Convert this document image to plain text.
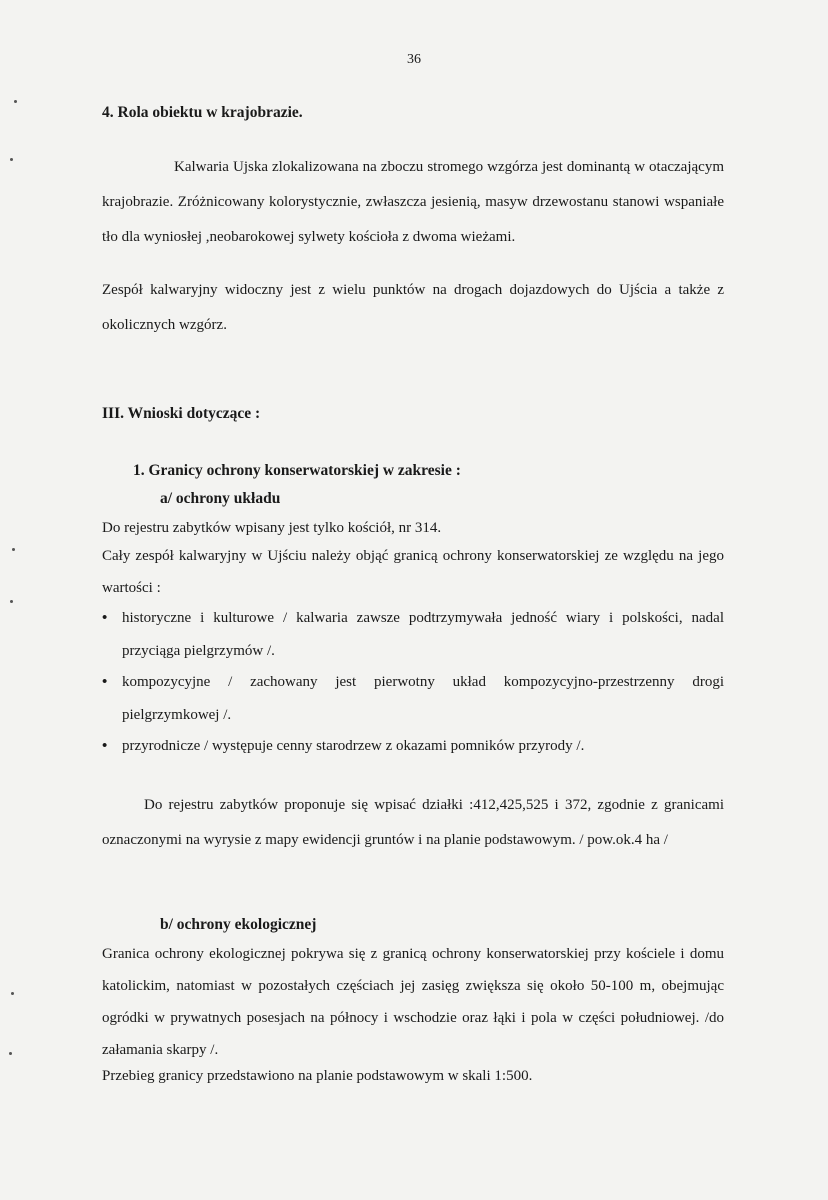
36
4. Rola obiektu w krajobrazie.

Kalwaria Ujska zlokalizowana na zboczu stromego wzgórza jest dominantą w otaczającym krajobrazie. Zróżnicowany kolorystycznie, zwłaszcza jesienią, masyw drzewostanu stanowi wspaniałe tło dla wyniosłej ,neobarokowej sylwety kościoła z dwoma wieżami.

Zespół kalwaryjny widoczny jest z wielu punktów na drogach dojazdowych do Ujścia a także z okolicznych wzgórz.

III. Wnioski dotyczące :
1. Granicy ochrony konserwatorskiej w zakresie :
a/ ochrony układu
Do rejestru zabytków wpisany jest tylko kościół, nr 314.

Cały zespół kalwaryjny w Ujściu należy objąć granicą ochrony konserwatorskiej ze względu na jego wartości :

• historyczne i kulturowe / kalwaria zawsze podtrzymywała jedność wiary i polskości, nadal przyciąga pielgrzymów /.
• kompozycyjne / zachowany jest pierwotny układ kompozycyjno-przestrzenny drogi pielgrzymkowej /.
• przyrodnicze / występuje cenny starodrzew z okazami pomników przyrody /.

Do rejestru zabytków proponuje się wpisać działki :412,425,525 i 372, zgodnie z granicami oznaczonymi na wyrysie z mapy ewidencji gruntów i na planie podstawowym. / pow.ok.4 ha /

b/ ochrony ekologicznej

Granica ochrony ekologicznej pokrywa się z granicą ochrony konserwatorskiej przy kościele i domu katolickim, natomiast w pozostałych częściach jej zasięg zwiększa się około 50-100 m, obejmując ogródki w prywatnych posesjach na północy i wschodzie oraz łąki i pola w części południowej. /do załamania skarpy /.

Przebieg granicy przedstawiono na planie podstawowym w skali 1:500.
